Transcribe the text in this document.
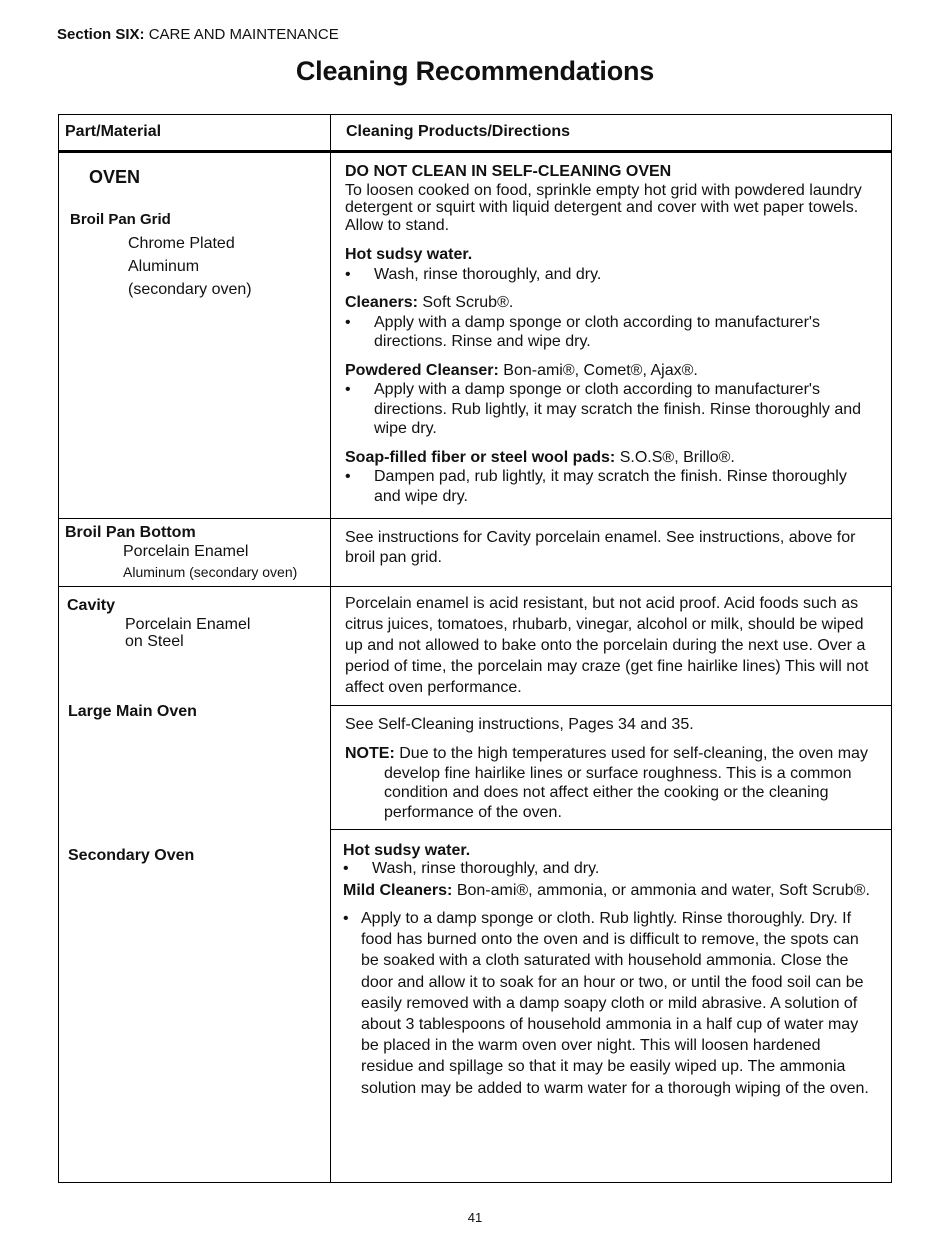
Section SIX: CARE AND MAINTENANCE
Cleaning Recommendations
Part/Material	Cleaning Products/Directions
OVEN
Broil Pan Grid
Chrome Plated
Aluminum
(secondary oven)
DO NOT CLEAN IN SELF-CLEANING OVEN
To loosen cooked on food, sprinkle empty hot grid with powdered laundry detergent or squirt with liquid detergent and cover with wet paper towels. Allow to stand.
Hot sudsy water.
• Wash, rinse thoroughly, and dry.
Cleaners: Soft Scrub®.
• Apply with a damp sponge or cloth according to manufacturer's directions. Rinse and wipe dry.
Powdered Cleanser: Bon-ami®, Comet®, Ajax®.
• Apply with a damp sponge or cloth according to manufacturer's directions. Rub lightly, it may scratch the finish. Rinse thoroughly and wipe dry.
Soap-filled fiber or steel wool pads: S.O.S®, Brillo®.
• Dampen pad, rub lightly, it may scratch the finish. Rinse thoroughly and wipe dry.
Broil Pan Bottom
Porcelain Enamel
Aluminum (secondary oven)
See instructions for Cavity porcelain enamel. See instructions, above for broil pan grid.
Cavity
Porcelain Enamel
on Steel
Porcelain enamel is acid resistant, but not acid proof. Acid foods such as citrus juices, tomatoes, rhubarb, vinegar, alcohol or milk, should be wiped up and not allowed to bake onto the porcelain during the next use. Over a period of time, the porcelain may craze (get fine hairlike lines) This will not affect oven performance.
Large Main Oven
See Self-Cleaning instructions, Pages 34 and 35.
NOTE: Due to the high temperatures used for self-cleaning, the oven may develop fine hairlike lines or surface roughness. This is a common condition and does not affect either the cooking or the cleaning performance of the oven.
Secondary Oven	Hot sudsy water.
• Wash, rinse thoroughly, and dry.
Mild Cleaners: Bon-ami®, ammonia, or ammonia and water, Soft Scrub®.
• Apply to a damp sponge or cloth. Rub lightly. Rinse thoroughly. Dry. If food has burned onto the oven and is difficult to remove, the spots can be soaked with a cloth saturated with household ammonia. Close the door and allow it to soak for an hour or two, or until the food soil can be easily removed with a damp soapy cloth or mild abrasive. A solution of about 3 tablespoons of household ammonia in a half cup of water may be placed in the warm oven over night. This will loosen hardened residue and spillage so that it may be easily wiped up. The ammonia solution may be added to warm water for a thorough wiping of the oven.
41
